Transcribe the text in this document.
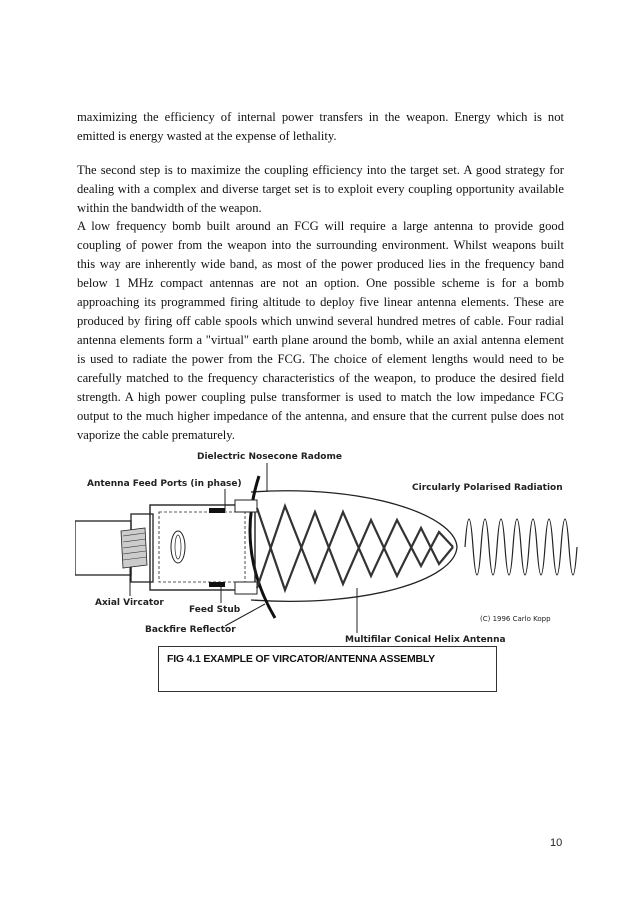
maximizing the efficiency of internal power transfers in the weapon. Energy which is not emitted is energy wasted at the expense of lethality.

The second step is to maximize the coupling efficiency into the target set. A good strategy for dealing with a complex and diverse target set is to exploit every coupling opportunity available within the bandwidth of the weapon.

A low frequency bomb built around an FCG will require a large antenna to provide good coupling of power from the weapon into the surrounding environment. Whilst weapons built this way are inherently wide band, as most of the power produced lies in the frequency band below 1 MHz compact antennas are not an option. One possible scheme is for a bomb approaching its programmed firing altitude to deploy five linear antenna elements. These are produced by firing off cable spools which unwind several hundred metres of cable. Four radial antenna elements form a "virtual" earth plane around the bomb, while an axial antenna element is used to radiate the power from the FCG. The choice of element lengths would need to be carefully matched to the frequency characteristics of the weapon, to produce the desired field strength. A high power coupling pulse transformer is used to match the low impedance FCG output to the much higher impedance of the antenna, and ensure that the current pulse does not vaporize the cable prematurely.

Dielectric Nosecone Radome
Antenna Feed Ports (in phase)	Circularly Polarised Radiation
Axial Vircator
Feed Stub
(C) 1996 Carlo Kopp
Backfire Reflector
Multifilar Conical Helix Antenna
FIG 4.1 EXAMPLE OF VIRCATOR/ANTENNA ASSEMBLY
10
